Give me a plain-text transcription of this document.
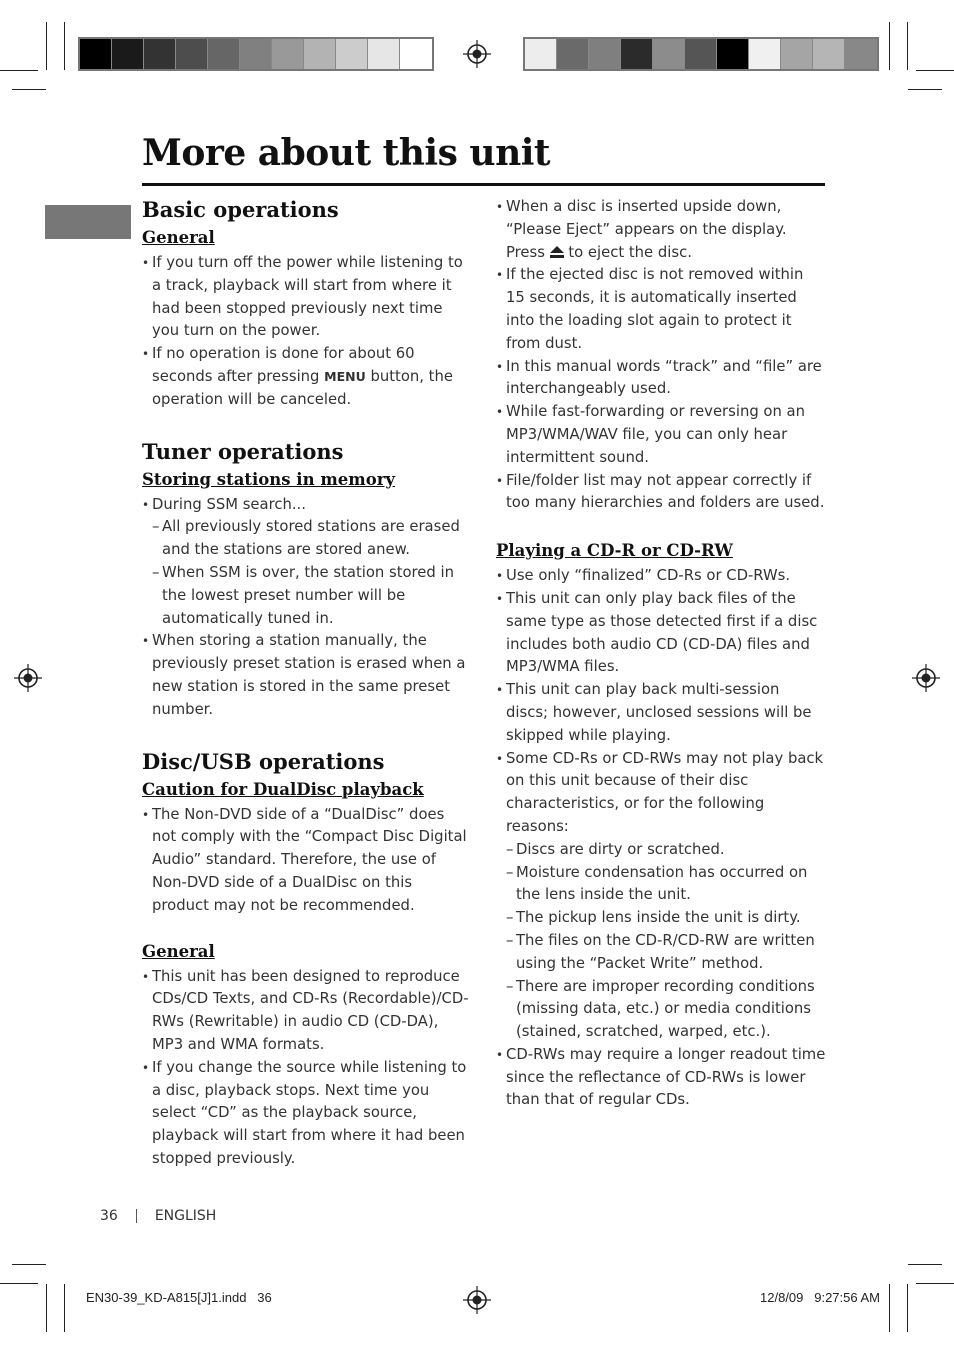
More about this unit
Basic operations
General
• If you turn off the power while listening to a track, playback will start from where it had been stopped previously next time you turn on the power.
• If no operation is done for about 60 seconds after pressing MENU button, the operation will be canceled.
Tuner operations
Storing stations in memory
• During SSM search...
– All previously stored stations are erased and the stations are stored anew.
– When SSM is over, the station stored in the lowest preset number will be automatically tuned in.
• When storing a station manually, the previously preset station is erased when a new station is stored in the same preset number.
Disc/USB operations
Caution for DualDisc playback
• The Non-DVD side of a “DualDisc” does not comply with the “Compact Disc Digital Audio” standard. Therefore, the use of Non-DVD side of a DualDisc on this product may not be recommended.
General
• This unit has been designed to reproduce CDs/CD Texts, and CD-Rs (Recordable)/CD-RWs (Rewritable) in audio CD (CD-DA), MP3 and WMA formats.
• If you change the source while listening to a disc, playback stops. Next time you select “CD” as the playback source, playback will start from where it had been stopped previously.
• When a disc is inserted upside down, “Please Eject” appears on the display. Press  to eject the disc.
• If the ejected disc is not removed within 15 seconds, it is automatically inserted into the loading slot again to protect it from dust.
• In this manual words “track” and “file” are interchangeably used.
• While fast-forwarding or reversing on an MP3/WMA/WAV file, you can only hear intermittent sound.
• File/folder list may not appear correctly if too many hierarchies and folders are used.
Playing a CD-R or CD-RW
• Use only “finalized” CD-Rs or CD-RWs.
• This unit can only play back files of the same type as those detected first if a disc includes both audio CD (CD-DA) files and MP3/WMA files.
• This unit can play back multi-session discs; however, unclosed sessions will be skipped while playing.
• Some CD-Rs or CD-RWs may not play back on this unit because of their disc characteristics, or for the following reasons:
– Discs are dirty or scratched.
– Moisture condensation has occurred on the lens inside the unit.
– The pickup lens inside the unit is dirty.
– The files on the CD-R/CD-RW are written using the “Packet Write” method.
– There are improper recording conditions (missing data, etc.) or media conditions (stained, scratched, warped, etc.).
• CD-RWs may require a longer readout time since the reflectance of CD-RWs is lower than that of regular CDs.
36	ENGLISH
EN30-39_KD-A815[J]1.indd   36	12/8/09   9:27:56 AM
